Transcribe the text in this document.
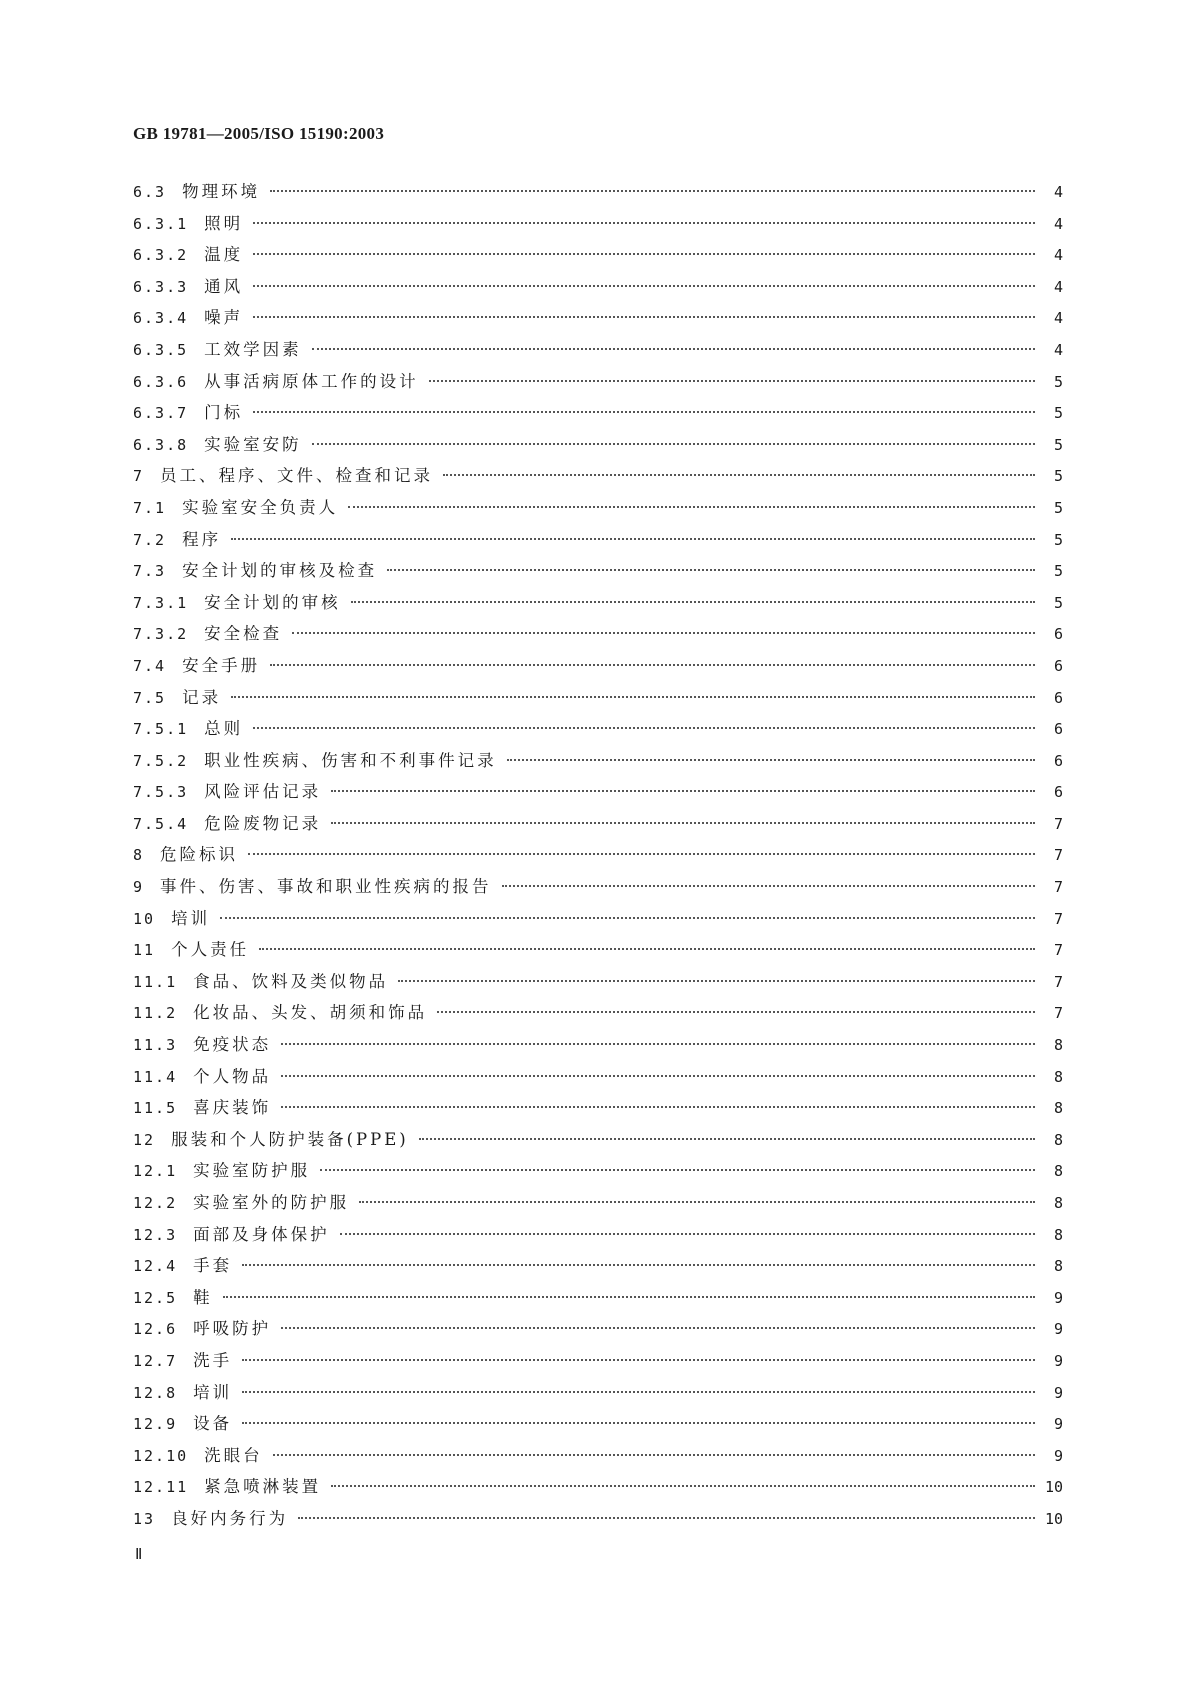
GB 19781—2005/ISO 15190:2003
6.3 物理环境	4
6.3.1 照明	4
6.3.2 温度	4
6.3.3 通风	4
6.3.4 噪声	4
6.3.5 工效学因素	4
6.3.6 从事活病原体工作的设计	5
6.3.7 门标	5
6.3.8 实验室安防	5
7 员工、程序、文件、检查和记录	5
7.1 实验室安全负责人	5
7.2 程序	5
7.3 安全计划的审核及检查	5
7.3.1 安全计划的审核	5
7.3.2 安全检查	6
7.4 安全手册	6
7.5 记录	6
7.5.1 总则	6
7.5.2 职业性疾病、伤害和不利事件记录	6
7.5.3 风险评估记录	6
7.5.4 危险废物记录	7
8 危险标识	7
9 事件、伤害、事故和职业性疾病的报告	7
10 培训	7
11 个人责任	7
11.1 食品、饮料及类似物品	7
11.2 化妆品、头发、胡须和饰品	7
11.3 免疫状态	8
11.4 个人物品	8
11.5 喜庆装饰	8
12 服装和个人防护装备(PPE)	8
12.1 实验室防护服	8
12.2 实验室外的防护服	8
12.3 面部及身体保护	8
12.4 手套	8
12.5 鞋	9
12.6 呼吸防护	9
12.7 洗手	9
12.8 培训	9
12.9 设备	9
12.10 洗眼台	9
12.11 紧急喷淋装置	10
13 良好内务行为	10
Ⅱ
